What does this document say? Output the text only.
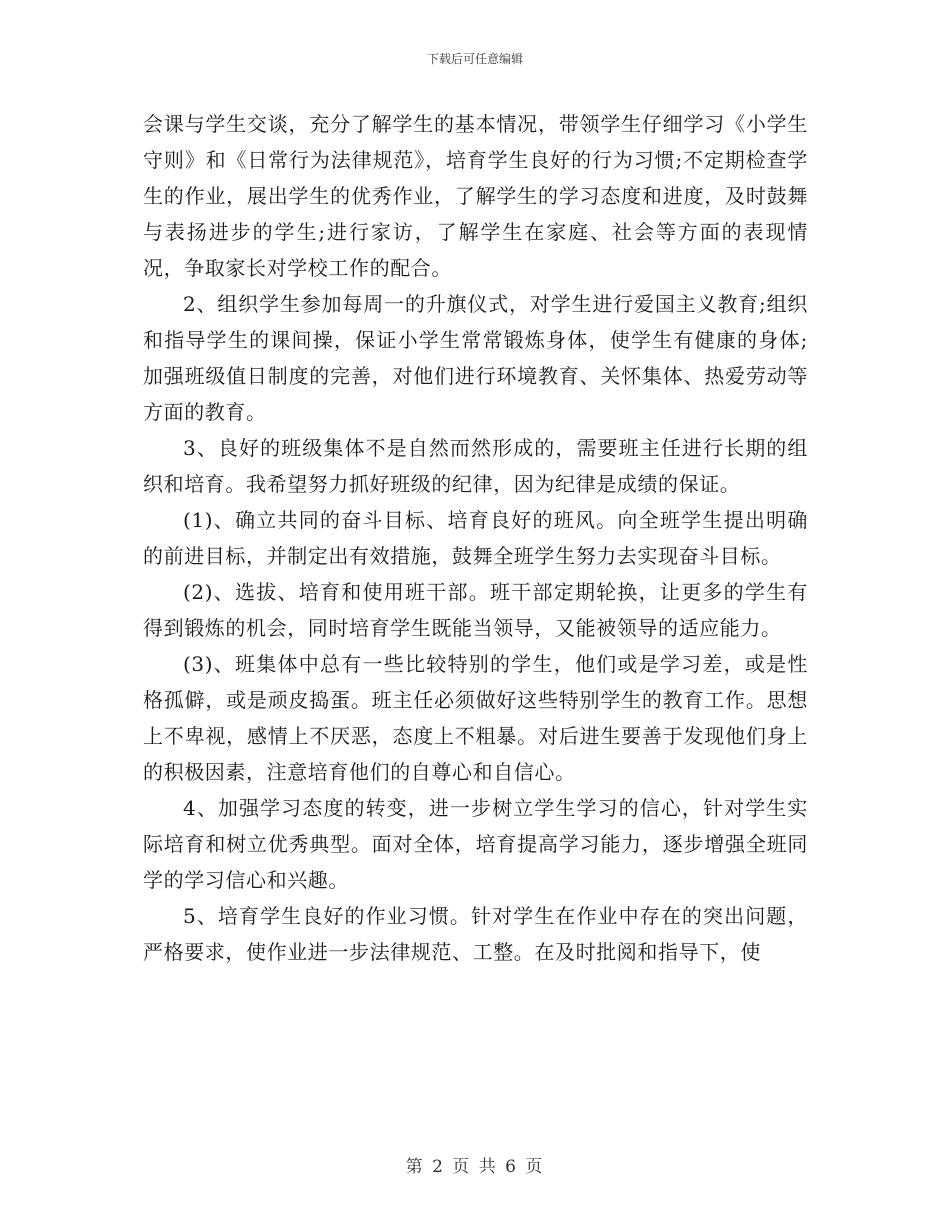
下载后可任意编辑

会课与学生交谈，充分了解学生的基本情况，带领学生仔细学习《小学生守则》和《日常行为法律规范》，培育学生良好的行为习惯;不定期检查学生的作业，展出学生的优秀作业，了解学生的学习态度和进度，及时鼓舞与表扬进步的学生;进行家访，了解学生在家庭、社会等方面的表现情况，争取家长对学校工作的配合。

2、组织学生参加每周一的升旗仪式，对学生进行爱国主义教育;组织和指导学生的课间操，保证小学生常常锻炼身体，使学生有健康的身体;加强班级值日制度的完善，对他们进行环境教育、关怀集体、热爱劳动等方面的教育。

3、良好的班级集体不是自然而然形成的，需要班主任进行长期的组织和培育。我希望努力抓好班级的纪律，因为纪律是成绩的保证。

(1)、确立共同的奋斗目标、培育良好的班风。向全班学生提出明确的前进目标，并制定出有效措施，鼓舞全班学生努力去实现奋斗目标。

(2)、选拔、培育和使用班干部。班干部定期轮换，让更多的学生有得到锻炼的机会，同时培育学生既能当领导，又能被领导的适应能力。

(3)、班集体中总有一些比较特别的学生，他们或是学习差，或是性格孤僻，或是顽皮捣蛋。班主任必须做好这些特别学生的教育工作。思想上不卑视，感情上不厌恶，态度上不粗暴。对后进生要善于发现他们身上的积极因素，注意培育他们的自尊心和自信心。

4、加强学习态度的转变，进一步树立学生学习的信心，针对学生实际培育和树立优秀典型。面对全体，培育提高学习能力，逐步增强全班同学的学习信心和兴趣。

5、培育学生良好的作业习惯。针对学生在作业中存在的突出问题，严格要求，使作业进一步法律规范、工整。在及时批阅和指导下，使

第 2 页 共 6 页
